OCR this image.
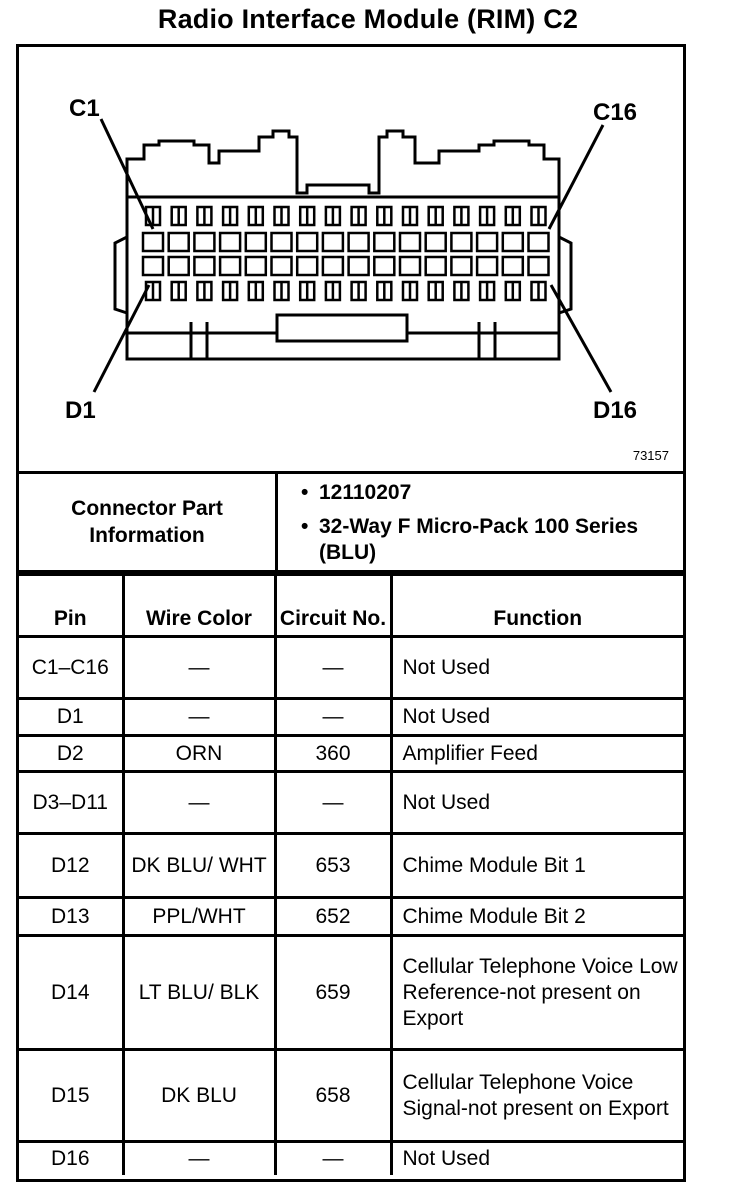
Radio Interface Module (RIM) C2
C1	C16
D1	D16
73157
Connector Part Information
• 12110207
• 32-Way F Micro-Pack 100 Series (BLU)
Pin	Wire Color	Circuit No.	Function
C1–C16	—	—	Not Used
D1	—	—	Not Used
D2	ORN	360	Amplifier Feed
D3–D11	—	—	Not Used
D12	DK BLU/ WHT	653	Chime Module Bit 1
D13	PPL/WHT	652	Chime Module Bit 2
D14	LT BLU/ BLK	659	Cellular Telephone Voice Low Reference-not present on Export
D15	DK BLU	658	Cellular Telephone Voice Signal-not present on Export
D16	—	—	Not Used
